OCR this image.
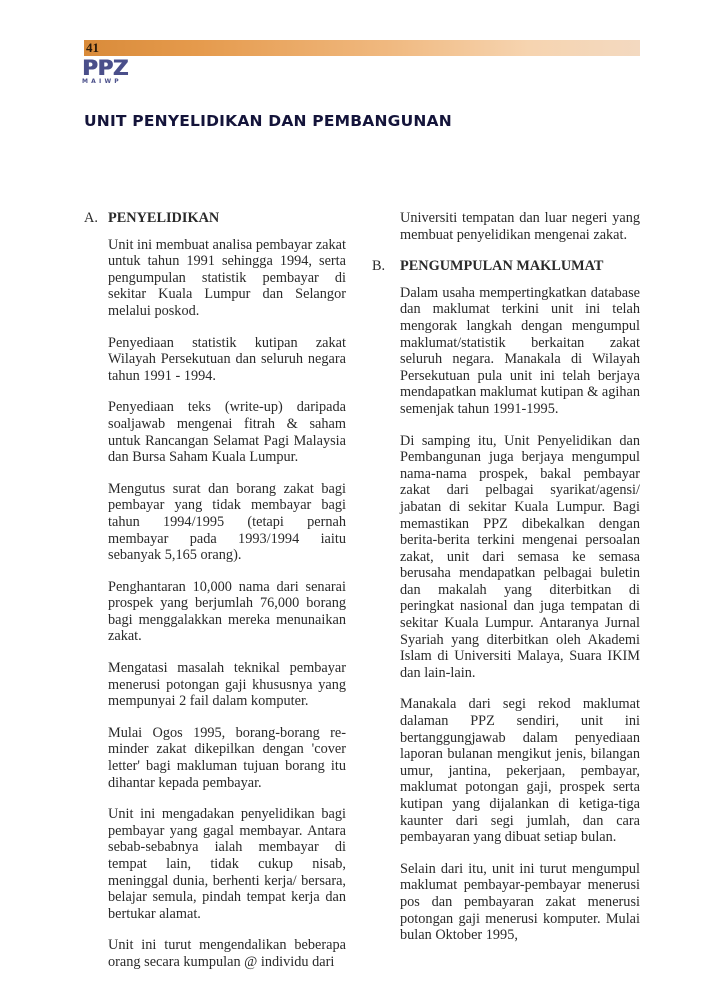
41
PPZ
MAIWP
UNIT PENYELIDIKAN DAN PEMBANGUNAN
A. PENYELIDIKAN

Unit ini membuat analisa pembayar zakat untuk tahun 1991 sehingga 1994, serta pengumpulan statistik pembayar di sekitar Kuala Lumpur dan Selangor melalui poskod.

Penyediaan statistik kutipan zakat Wilayah Persekutuan dan seluruh negara tahun 1991 - 1994.

Penyediaan teks (write-up) daripada soaljawab mengenai fitrah & saham untuk Rancangan Selamat Pagi Malaysia dan Bursa Saham Kuala Lumpur.

Mengutus surat dan borang zakat bagi pembayar yang tidak membayar bagi tahun 1994/1995 (tetapi pernah membayar pada 1993/1994 iaitu sebanyak 5,165 orang).

Penghantaran 10,000 nama dari senarai prospek yang berjumlah 76,000 borang bagi menggalakkan mereka menunaikan zakat.

Mengatasi masalah teknikal pembayar menerusi potongan gaji khususnya yang mempunyai 2 fail dalam komputer.

Mulai Ogos 1995, borang-borang re-minder zakat dikepilkan dengan 'cover letter' bagi makluman tujuan borang itu dihantar kepada pembayar.

Unit ini mengadakan penyelidikan bagi pembayar yang gagal membayar. Antara sebab-sebabnya ialah membayar di tempat lain, tidak cukup nisab, meninggal dunia, berhenti kerja/ bersara, belajar semula, pindah tempat kerja dan bertukar alamat.

Unit ini turut mengendalikan beberapa orang secara kumpulan @ individu dari

Universiti tempatan dan luar negeri yang membuat penyelidikan mengenai zakat.

B.	PENGUMPULAN MAKLUMAT

Dalam usaha mempertingkatkan database dan maklumat terkini unit ini telah mengorak langkah dengan mengumpul maklumat/statistik berkaitan zakat seluruh negara. Manakala di Wilayah Persekutuan pula unit ini telah berjaya mendapatkan maklumat kutipan & agihan semenjak tahun 1991-1995.

Di samping itu, Unit Penyelidikan dan Pembangunan juga berjaya mengumpul nama-nama prospek, bakal pembayar zakat dari pelbagai syarikat/agensi/ jabatan di sekitar Kuala Lumpur. Bagi memastikan PPZ dibekalkan dengan berita-berita terkini mengenai persoalan zakat, unit dari semasa ke semasa berusaha mendapatkan pelbagai buletin dan makalah yang diterbitkan di peringkat nasional dan juga tempatan di sekitar Kuala Lumpur. Antaranya Jurnal Syariah yang diterbitkan oleh Akademi Islam di Universiti Malaya, Suara IKIM dan lain-lain.

Manakala dari segi rekod maklumat dalaman PPZ sendiri, unit ini bertanggungjawab dalam penyediaan laporan bulanan mengikut jenis, bilangan umur, jantina, pekerjaan, pembayar, maklumat potongan gaji, prospek serta kutipan yang dijalankan di ketiga-tiga kaunter dari segi jumlah, dan cara pembayaran yang dibuat setiap bulan.

Selain dari itu, unit ini turut mengumpul maklumat pembayar-pembayar menerusi pos dan pembayaran zakat menerusi potongan gaji menerusi komputer. Mulai bulan Oktober 1995,
